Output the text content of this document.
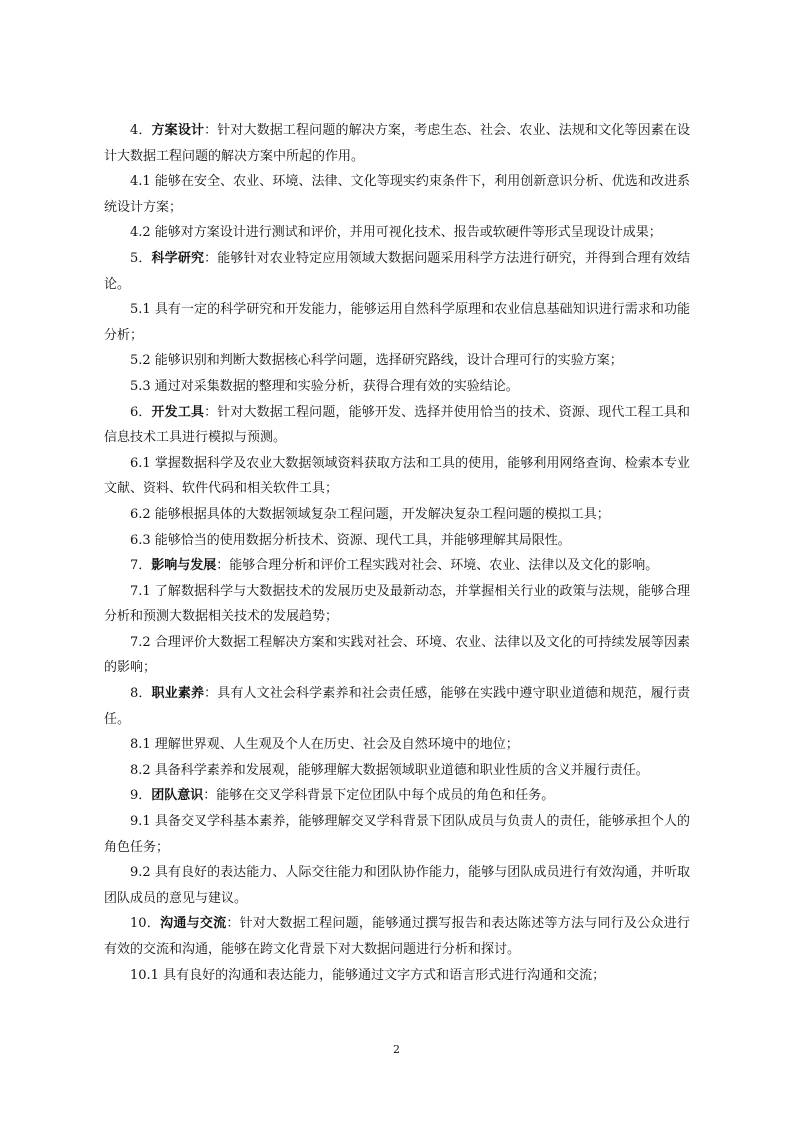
4．方案设计：针对大数据工程问题的解决方案，考虑生态、社会、农业、法规和文化等因素在设计大数据工程问题的解决方案中所起的作用。

4.1 能够在安全、农业、环境、法律、文化等现实约束条件下，利用创新意识分析、优选和改进系统设计方案；

4.2 能够对方案设计进行测试和评价，并用可视化技术、报告或软硬件等形式呈现设计成果；

5．科学研究：能够针对农业特定应用领域大数据问题采用科学方法进行研究，并得到合理有效结论。

5.1 具有一定的科学研究和开发能力，能够运用自然科学原理和农业信息基础知识进行需求和功能分析；

5.2 能够识别和判断大数据核心科学问题，选择研究路线，设计合理可行的实验方案；

5.3 通过对采集数据的整理和实验分析，获得合理有效的实验结论。

6．开发工具：针对大数据工程问题，能够开发、选择并使用恰当的技术、资源、现代工程工具和信息技术工具进行模拟与预测。

6.1 掌握数据科学及农业大数据领域资料获取方法和工具的使用，能够利用网络查询、检索本专业文献、资料、软件代码和相关软件工具；

6.2 能够根据具体的大数据领域复杂工程问题，开发解决复杂工程问题的模拟工具；

6.3 能够恰当的使用数据分析技术、资源、现代工具，并能够理解其局限性。

7．影响与发展：能够合理分析和评价工程实践对社会、环境、农业、法律以及文化的影响。

7.1 了解数据科学与大数据技术的发展历史及最新动态，并掌握相关行业的政策与法规，能够合理分析和预测大数据相关技术的发展趋势；

7.2 合理评价大数据工程解决方案和实践对社会、环境、农业、法律以及文化的可持续发展等因素的影响；

8．职业素养：具有人文社会科学素养和社会责任感，能够在实践中遵守职业道德和规范，履行责任。

8.1 理解世界观、人生观及个人在历史、社会及自然环境中的地位；

8.2 具备科学素养和发展观，能够理解大数据领域职业道德和职业性质的含义并履行责任。

9．团队意识：能够在交叉学科背景下定位团队中每个成员的角色和任务。

9.1 具备交叉学科基本素养，能够理解交叉学科背景下团队成员与负责人的责任，能够承担个人的角色任务；

9.2 具有良好的表达能力、人际交往能力和团队协作能力，能够与团队成员进行有效沟通，并听取团队成员的意见与建议。

10．沟通与交流：针对大数据工程问题，能够通过撰写报告和表达陈述等方法与同行及公众进行有效的交流和沟通，能够在跨文化背景下对大数据问题进行分析和探讨。

10.1 具有良好的沟通和表达能力，能够通过文字方式和语言形式进行沟通和交流；

2
